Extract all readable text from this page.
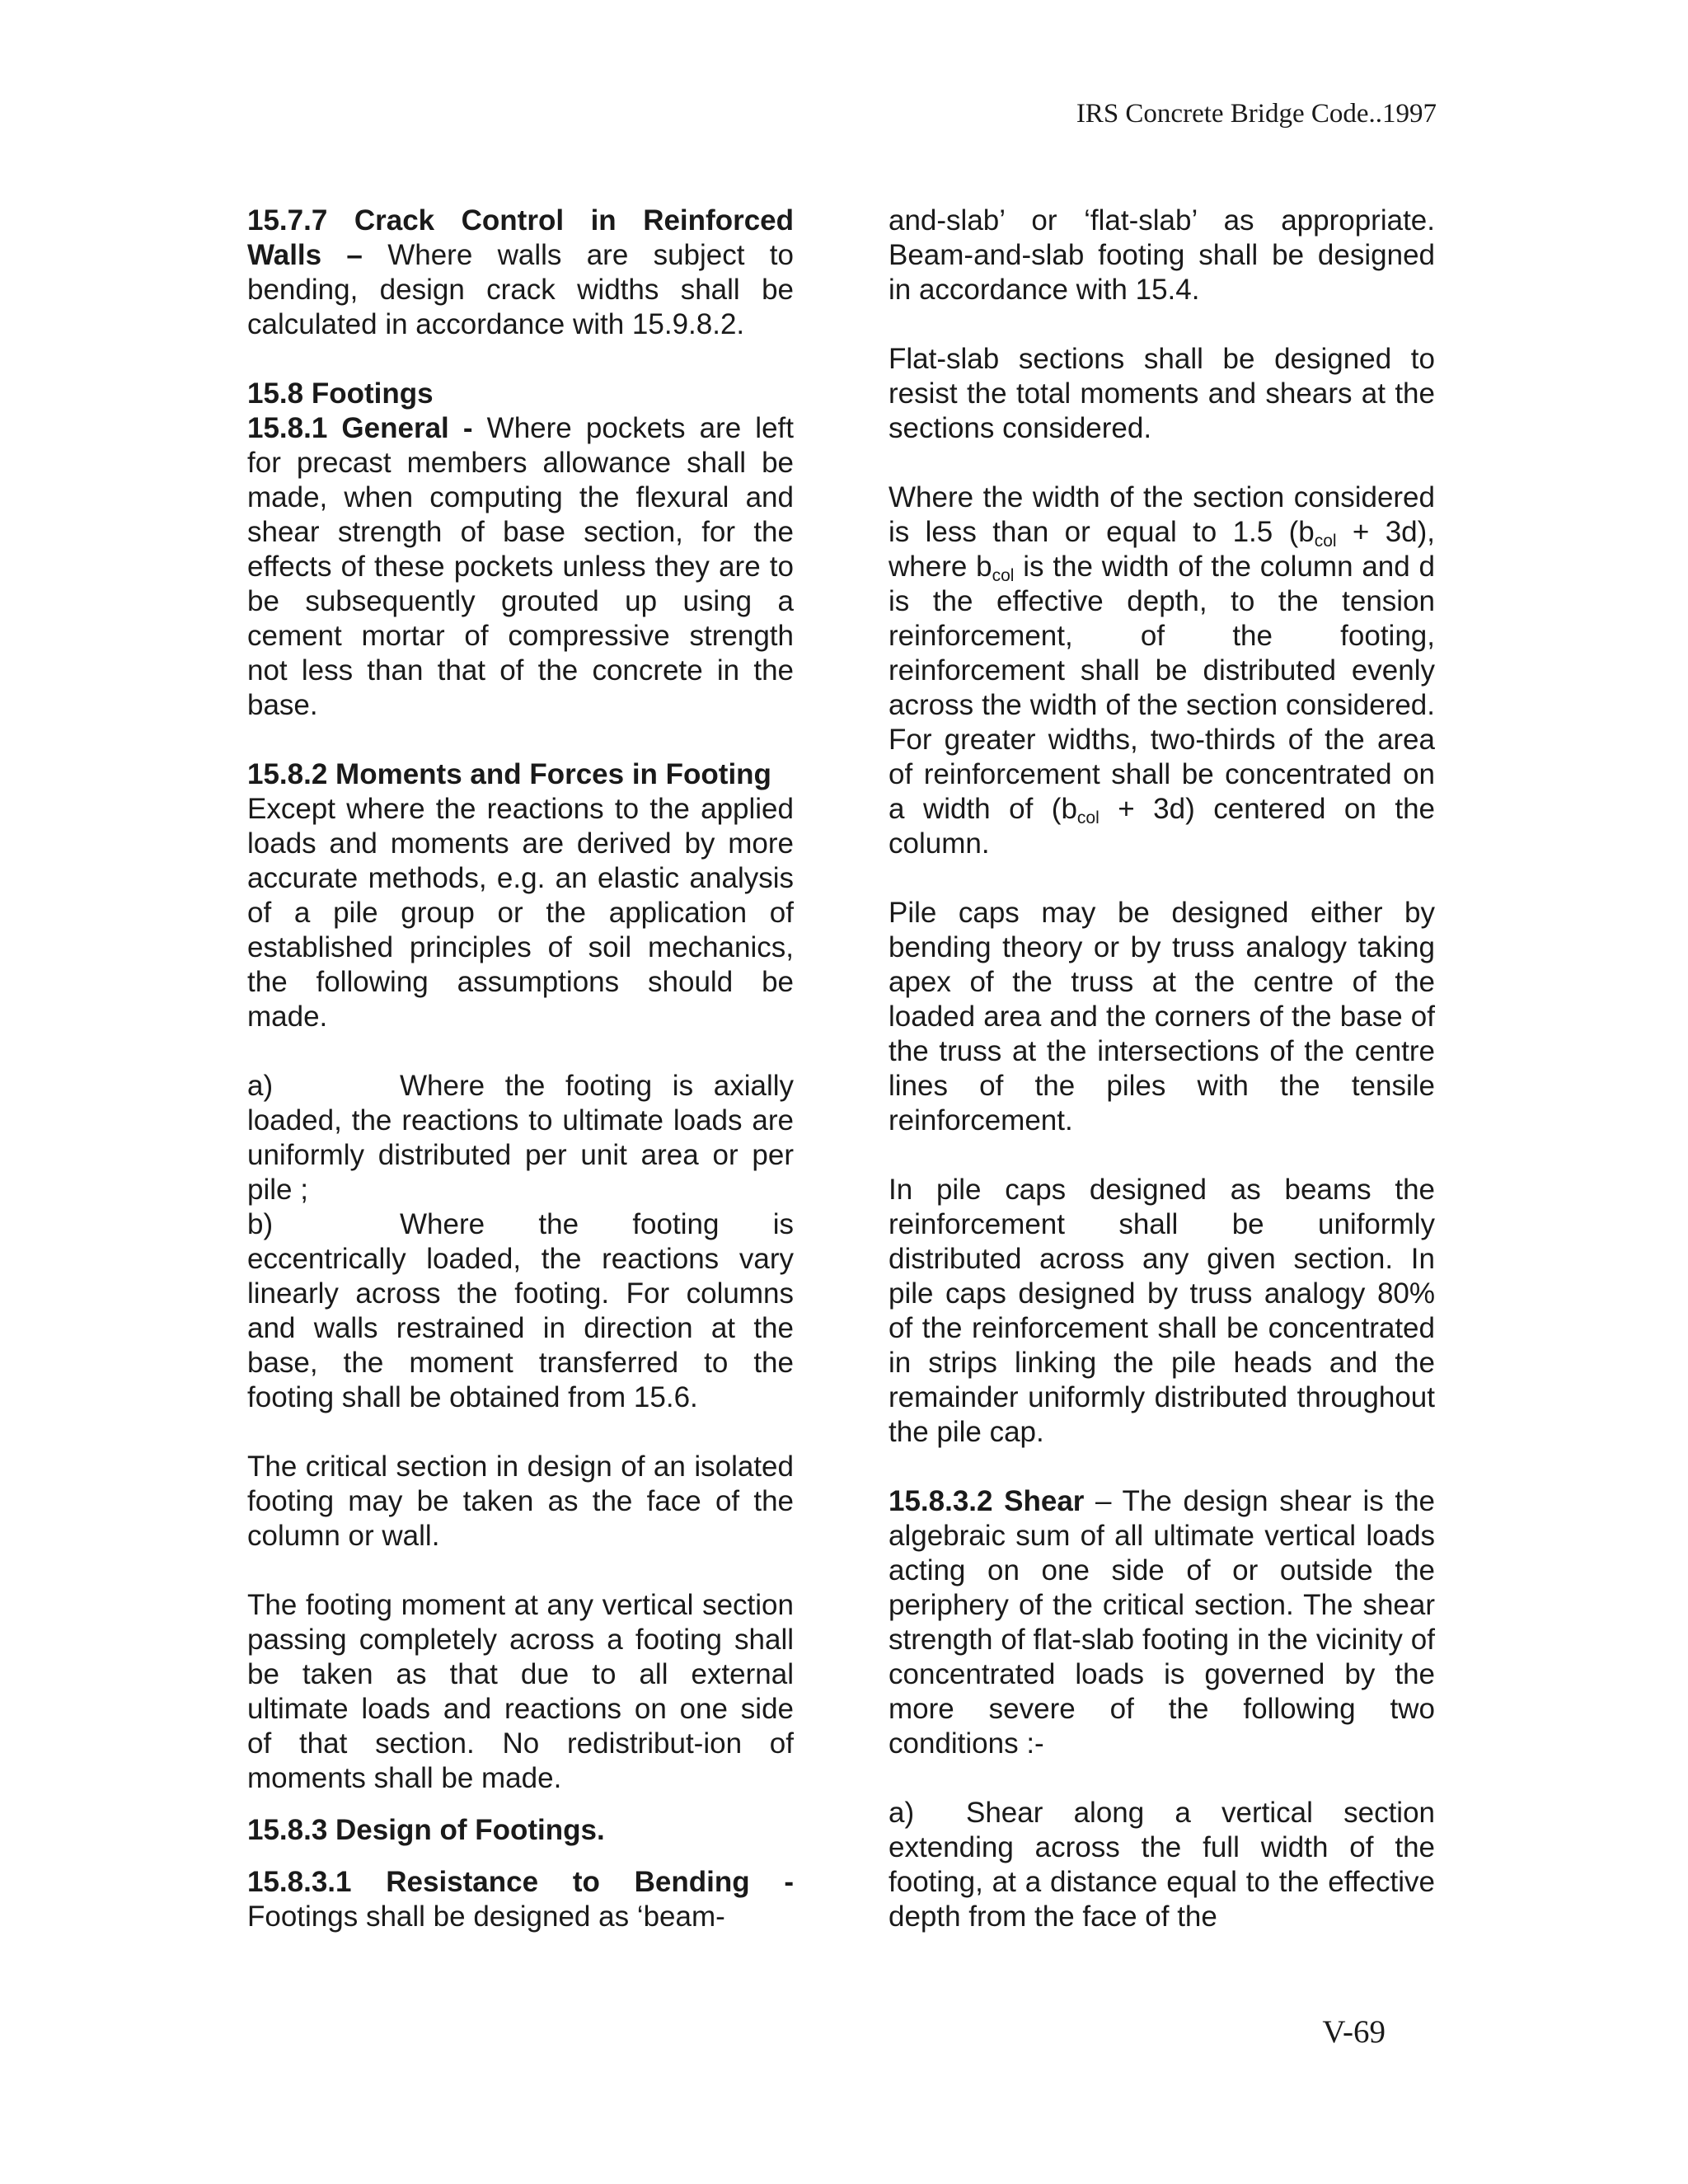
IRS Concrete Bridge Code..1997

15.7.7 Crack Control in Reinforced Walls – Where walls are subject to bending, design crack widths shall be calculated in accordance with 15.9.8.2.

15.8 Footings

15.8.1 General - Where pockets are left for precast members allowance shall be made, when computing the flexural and shear strength of base section, for the effects of these pockets unless they are to be subsequently grouted up using a cement mortar of compressive strength not less than that of the concrete in the base.

15.8.2 Moments and Forces in Footing

Except where the reactions to the applied loads and moments are derived by more accurate methods, e.g. an elastic analysis of a pile group or the application of established principles of soil mechanics, the following assumptions should be made.

a)	Where the footing is axially loaded, the reactions to ultimate loads are uniformly distributed per unit area or per pile ;

b)	Where the footing is eccentrically loaded, the reactions vary linearly across the footing. For columns and walls restrained in direction at the base, the moment transferred to the footing shall be obtained from 15.6.

The critical section in design of an isolated footing may be taken as the face of the column or wall.

The footing moment at any vertical section passing completely across a footing shall be taken as that due to all external ultimate loads and reactions on one side of that section. No redistribut-ion of moments shall be made.

15.8.3 Design of Footings.

15.8.3.1 Resistance to Bending - Footings shall be designed as ‘beam-

and-slab’ or ‘flat-slab’ as appropriate. Beam-and-slab footing shall be designed in accordance with 15.4.

Flat-slab sections shall be designed to resist the total moments and shears at the sections considered.

Where the width of the section considered is less than or equal to 1.5 $(b_{col} + 3d)$, where $b_{col}$ is the width of the column and d is the effective depth, to the tension reinforcement, of the footing, reinforcement shall be distributed evenly across the width of the section considered. For greater widths, two-thirds of the area of reinforcement shall be concentrated on a width of $(b_{col} + 3d)$ centered on the column.

Pile caps may be designed either by bending theory or by truss analogy taking apex of the truss at the centre of the loaded area and the corners of the base of the truss at the intersections of the centre lines of the piles with the tensile reinforcement.

In pile caps designed as beams the reinforcement shall be uniformly distributed across any given section. In pile caps designed by truss analogy 80% of the reinforcement shall be concentrated in strips linking the pile heads and the remainder uniformly distributed throughout the pile cap.

15.8.3.2 Shear – The design shear is the algebraic sum of all ultimate vertical loads acting on one side of or outside the periphery of the critical section. The shear strength of flat-slab footing in the vicinity of concentrated loads is governed by the more severe of the following two conditions :-

a) Shear along a vertical section extending across the full width of the footing, at a distance equal to the effective depth from the face of the

V-69
